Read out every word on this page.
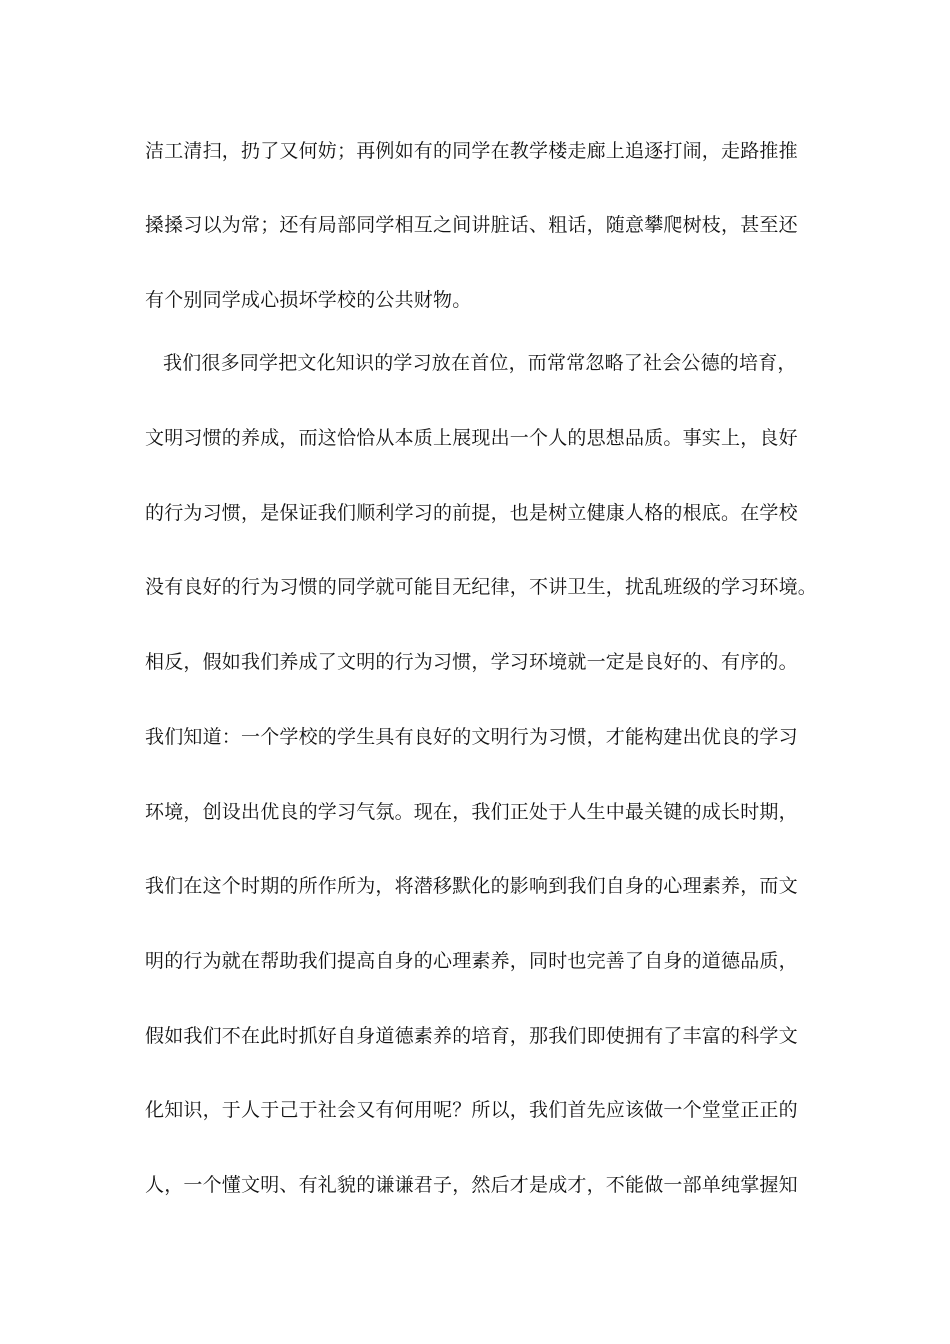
洁工清扫，扔了又何妨；再例如有的同学在教学楼走廊上追逐打闹，走路推推
搡搡习以为常；还有局部同学相互之间讲脏话、粗话，随意攀爬树枝，甚至还
有个别同学成心损坏学校的公共财物。
我们很多同学把文化知识的学习放在首位，而常常忽略了社会公德的培育，
文明习惯的养成，而这恰恰从本质上展现出一个人的思想品质。事实上，良好
的行为习惯，是保证我们顺利学习的前提，也是树立健康人格的根底。在学校
没有良好的行为习惯的同学就可能目无纪律，不讲卫生，扰乱班级的学习环境。
相反，假如我们养成了文明的行为习惯，学习环境就一定是良好的、有序的。
我们知道：一个学校的学生具有良好的文明行为习惯，才能构建出优良的学习
环境，创设出优良的学习气氛。现在，我们正处于人生中最关键的成长时期，
我们在这个时期的所作所为，将潜移默化的影响到我们自身的心理素养，而文
明的行为就在帮助我们提高自身的心理素养，同时也完善了自身的道德品质，
假如我们不在此时抓好自身道德素养的培育，那我们即使拥有了丰富的科学文
化知识，于人于己于社会又有何用呢？所以，我们首先应该做一个堂堂正正的
人，一个懂文明、有礼貌的谦谦君子，然后才是成才，不能做一部单纯掌握知
